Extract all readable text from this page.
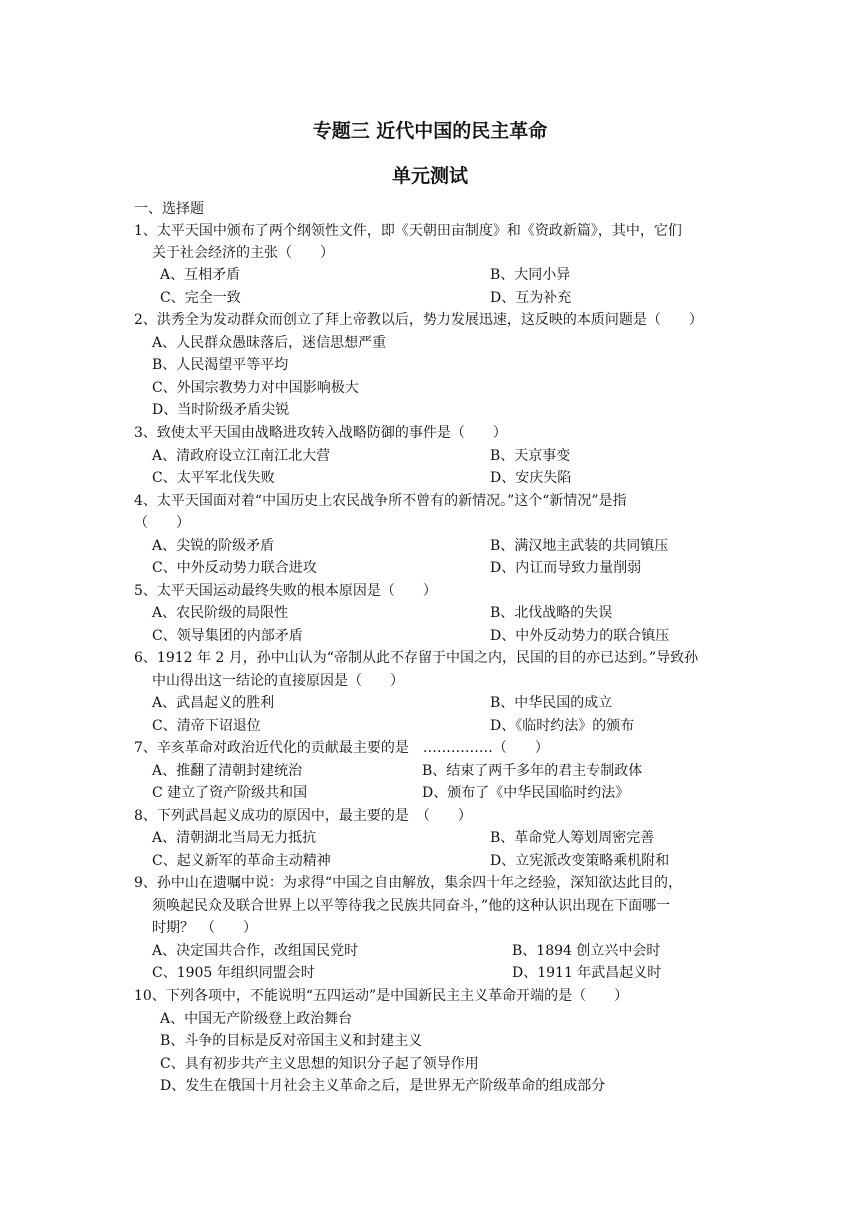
专题三 近代中国的民主革命
单元测试
一、选择题
1、太平天国中颁布了两个纲领性文件，即《天朝田亩制度》和《资政新篇》，其中，它们
关于社会经济的主张（　　）
A、互相矛盾	B、大同小异
C、完全一致	D、互为补充
2、洪秀全为发动群众而创立了拜上帝教以后，势力发展迅速，这反映的本质问题是（　　）
A、人民群众愚昧落后，迷信思想严重
B、人民渴望平等平均
C、外国宗教势力对中国影响极大
D、当时阶级矛盾尖锐
3、致使太平天国由战略进攻转入战略防御的事件是（　　）
A、清政府设立江南江北大营	B、天京事变
C、太平军北伐失败	D、安庆失陷
4、太平天国面对着“中国历史上农民战争所不曾有的新情况。”这个“新情况”是指
（　　）
A、尖锐的阶级矛盾	B、满汉地主武装的共同镇压
C、中外反动势力联合进攻	D、内讧而导致力量削弱
5、太平天国运动最终失败的根本原因是（　　）
A、农民阶级的局限性	B、北伐战略的失误
C、领导集团的内部矛盾	D、中外反动势力的联合镇压
6、1912 年 2 月，孙中山认为“帝制从此不存留于中国之内，民国的目的亦已达到。”导致孙
中山得出这一结论的直接原因是（　　）
A、武昌起义的胜利	B、中华民国的成立
C、清帝下诏退位	D、《临时约法》的颁布
7、辛亥革命对政治近代化的贡献最主要的是　……………（　　）
A、推翻了清朝封建统治	B、结束了两千多年的君主专制政体
C 建立了资产阶级共和国	D、颁布了《中华民国临时约法》
8、下列武昌起义成功的原因中，最主要的是　（　　）
A、清朝湖北当局无力抵抗	B、革命党人筹划周密完善
C、起义新军的革命主动精神	D、立宪派改变策略乘机附和
9、孙中山在遗嘱中说：为求得“中国之自由解放，集余四十年之经验，深知欲达此目的，
须唤起民众及联合世界上以平等待我之民族共同奋斗，”他的这种认识出现在下面哪一
时期？　（　　）
A、决定国共合作，改组国民党时	B、1894 创立兴中会时
C、1905 年组织同盟会时	D、1911 年武昌起义时
10、下列各项中，不能说明“五四运动”是中国新民主主义革命开端的是（　　）
A、中国无产阶级登上政治舞台
B、斗争的目标是反对帝国主义和封建主义
C、具有初步共产主义思想的知识分子起了领导作用
D、发生在俄国十月社会主义革命之后，是世界无产阶级革命的组成部分
